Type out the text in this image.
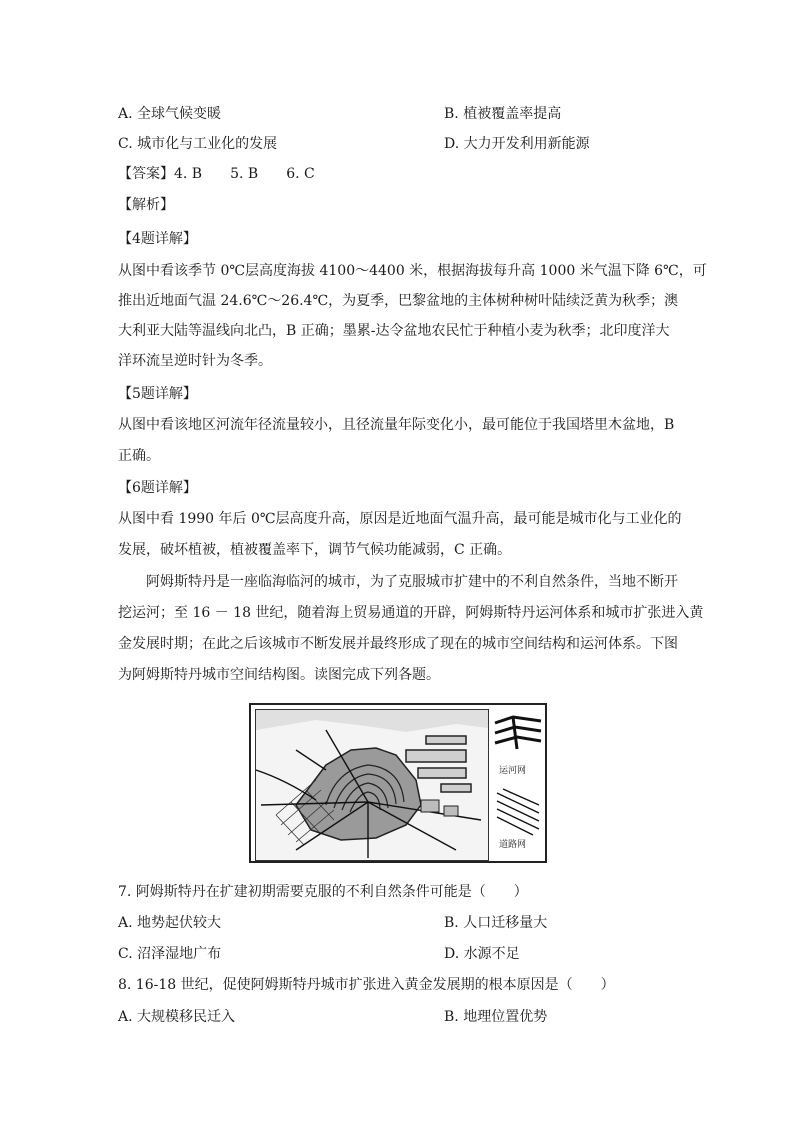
A. 全球气候变暖	B. 植被覆盖率提高
C. 城市化与工业化的发展	D. 大力开发利用新能源
【答案】4. B　　5. B　　6. C
【解析】
【4题详解】
从图中看该季节 0℃层高度海拔 4100～4400 米，根据海拔每升高 1000 米气温下降 6℃，可
推出近地面气温 24.6℃～26.4℃，为夏季，巴黎盆地的主体树种树叶陆续泛黄为秋季；澳
大利亚大陆等温线向北凸，B 正确；墨累-达令盆地农民忙于种植小麦为秋季；北印度洋大
洋环流呈逆时针为冬季。
【5题详解】
从图中看该地区河流年径流量较小，且径流量年际变化小，最可能位于我国塔里木盆地，B
正确。
【6题详解】
从图中看 1990 年后 0℃层高度升高，原因是近地面气温升高，最可能是城市化与工业化的
发展，破坏植被，植被覆盖率下，调节气候功能减弱，C 正确。
阿姆斯特丹是一座临海临河的城市，为了克服城市扩建中的不利自然条件，当地不断开
挖运河；至 16 － 18 世纪，随着海上贸易通道的开辟，阿姆斯特丹运河体系和城市扩张进入黄
金发展时期；在此之后该城市不断发展并最终形成了现在的城市空间结构和运河体系。下图
为阿姆斯特丹城市空间结构图。读图完成下列各题。
运河网
道路网
7. 阿姆斯特丹在扩建初期需要克服的不利自然条件可能是（　　）
A. 地势起伏较大	B. 人口迁移量大
C. 沼泽湿地广布	D. 水源不足
8. 16-18 世纪，促使阿姆斯特丹城市扩张进入黄金发展期的根本原因是（　　）
A. 大规模移民迁入	B. 地理位置优势
